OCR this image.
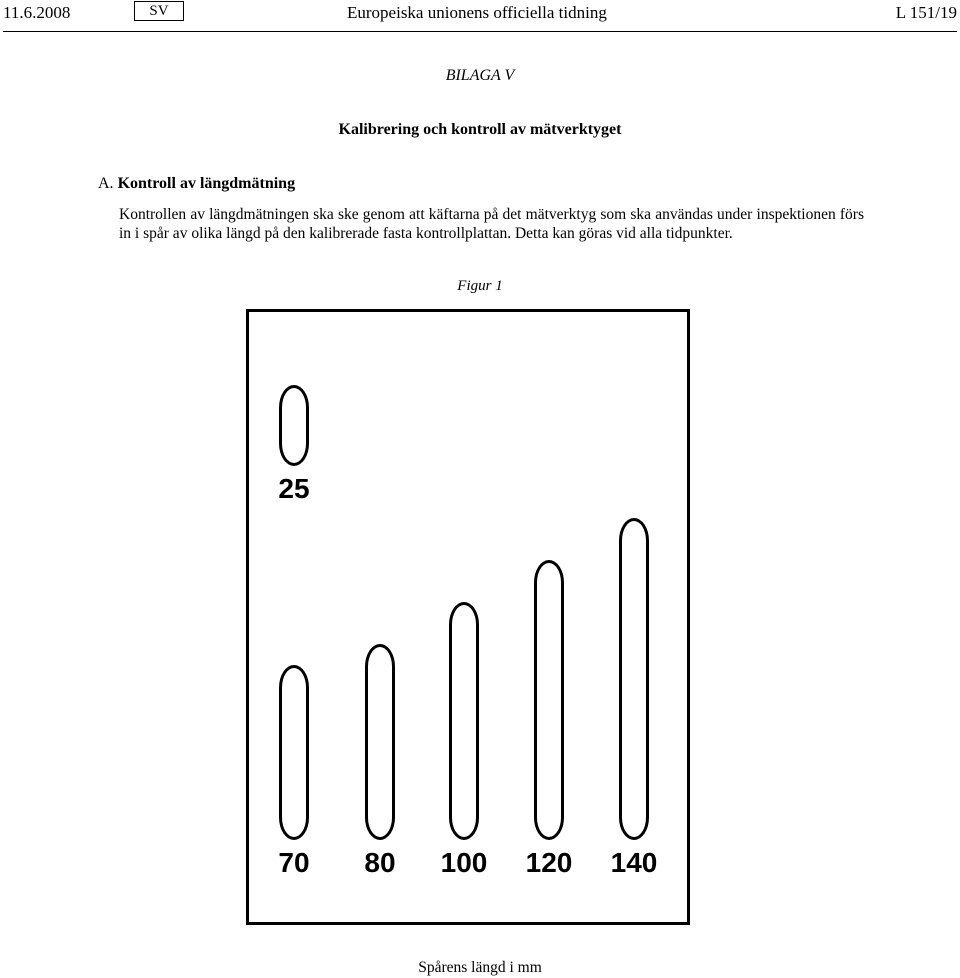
11.6.2008	SV	Europeiska unionens officiella tidning	L 151/19
BILAGA V
Kalibrering och kontroll av mätverktyget
A. Kontroll av längdmätning
Kontrollen av längdmätningen ska ske genom att käftarna på det mätverktyg som ska användas under inspektionen förs in i spår av olika längd på den kalibrerade fasta kontrollplattan. Detta kan göras vid alla tidpunkter.
Figur 1
25
70	80	100	120	140
Spårens längd i mm
